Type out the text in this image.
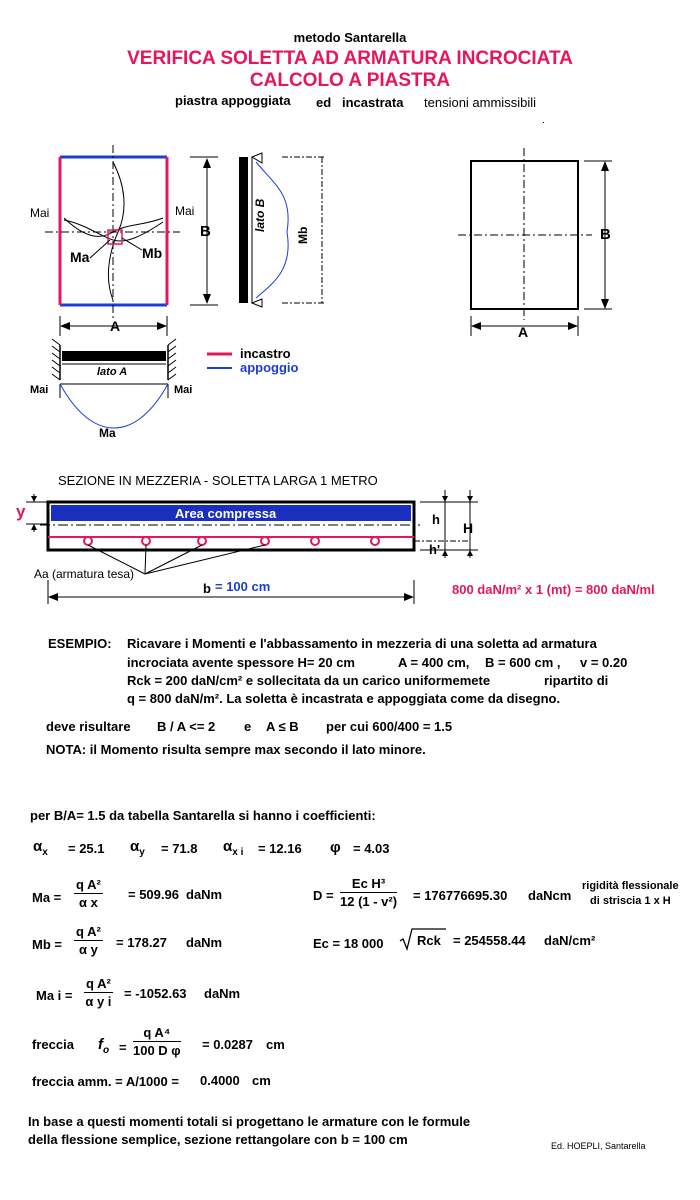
metodo Santarella
VERIFICA SOLETTA AD ARMATURA INCROCIATA
CALCOLO A PIASTRA
piastra appoggiata ed incastrata tensioni ammissibili
Mai	Mai
Ma	Mb
B
A
lato B
Mb
lato A
Mai	Mai
Ma
incastro
appoggio
B
A
SEZIONE IN MEZZERIA - SOLETTA LARGA 1 METRO
Area compressa
y	h
H
h'
Aa (armatura tesa)
b = 100 cm	800 daN/m² x 1 (mt) = 800 daN/ml
ESEMPIO: Ricavare i Momenti e l'abbassamento in mezzeria di una soletta ad armatura
incrociata avente spessore H= 20 cm	A = 400 cm, B = 600 cm , v = 0.20
Rck = 200 daN/cm² e sollecitata da un carico uniformemete	ripartito di
q = 800 daN/m². La soletta è incastrata e appoggiata come da disegno.
deve risultare B / A <= 2 e A ≤ B per cui 600/400 = 1.5
NOTA: il Momento risulta sempre max secondo il lato minore.
per B/A= 1.5 da tabella Santarella si hanno i coefficienti:
$\alpha_x = 25.1$ $\alpha_y = 71.8$ $\alpha_{x i} = 12.16$ φ = 4.03
$Ma = \frac{\text{q A²}}{\text{α x}} = 509.96$ daNm
$Mb = \frac{\text{q A²}}{\text{α y}} = 178.27$ daNm
Ma $i = \frac{\text{q A²}}{\text{α y i}} = -1052.63$ daNm
$D = \frac{\text{Ec H³}}{\text{12 (1 - v²)}} = 176776695.30$ daNcm
rigidità flessionale
di striscia 1 x H
Ec = 18 000	Rck = 254558.44 daN/cm²
freccia $f_o = \frac{\text{q A⁴}}{\text{100 D φ}} = 0.0287$ cm
freccia amm. = A/1000 = 0.4000 cm
In base a questi momenti totali si progettano le armature con le formule
della flessione semplice, sezione rettangolare con b = 100 cm	Ed. HOEPLI, Santarella
